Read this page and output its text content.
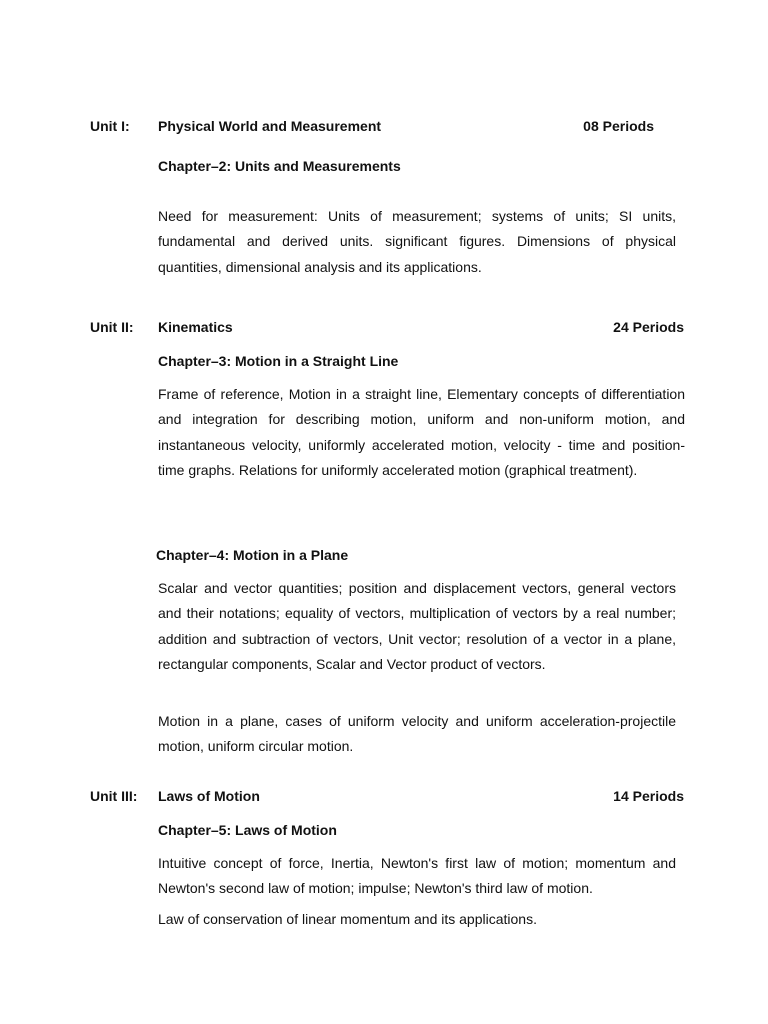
Unit I: Physical World and Measurement	08 Periods
Chapter–2: Units and Measurements

Need for measurement: Units of measurement; systems of units; SI units, fundamental and derived units. significant figures. Dimensions of physical quantities, dimensional analysis and its applications.

Unit II: Kinematics	24 Periods
Chapter–3: Motion in a Straight Line

Frame of reference, Motion in a straight line, Elementary concepts of differentiation and integration for describing motion, uniform and non-uniform motion, and instantaneous velocity, uniformly accelerated motion, velocity - time and position-time graphs. Relations for uniformly accelerated motion (graphical treatment).

Chapter–4: Motion in a Plane

Scalar and vector quantities; position and displacement vectors, general vectors and their notations; equality of vectors, multiplication of vectors by a real number; addition and subtraction of vectors, Unit vector; resolution of a vector in a plane, rectangular components, Scalar and Vector product of vectors.

Motion in a plane, cases of uniform velocity and uniform acceleration-projectile motion, uniform circular motion.

Unit III: Laws of Motion	14 Periods
Chapter–5: Laws of Motion

Intuitive concept of force, Inertia, Newton's first law of motion; momentum and Newton's second law of motion; impulse; Newton's third law of motion.

Law of conservation of linear momentum and its applications.
